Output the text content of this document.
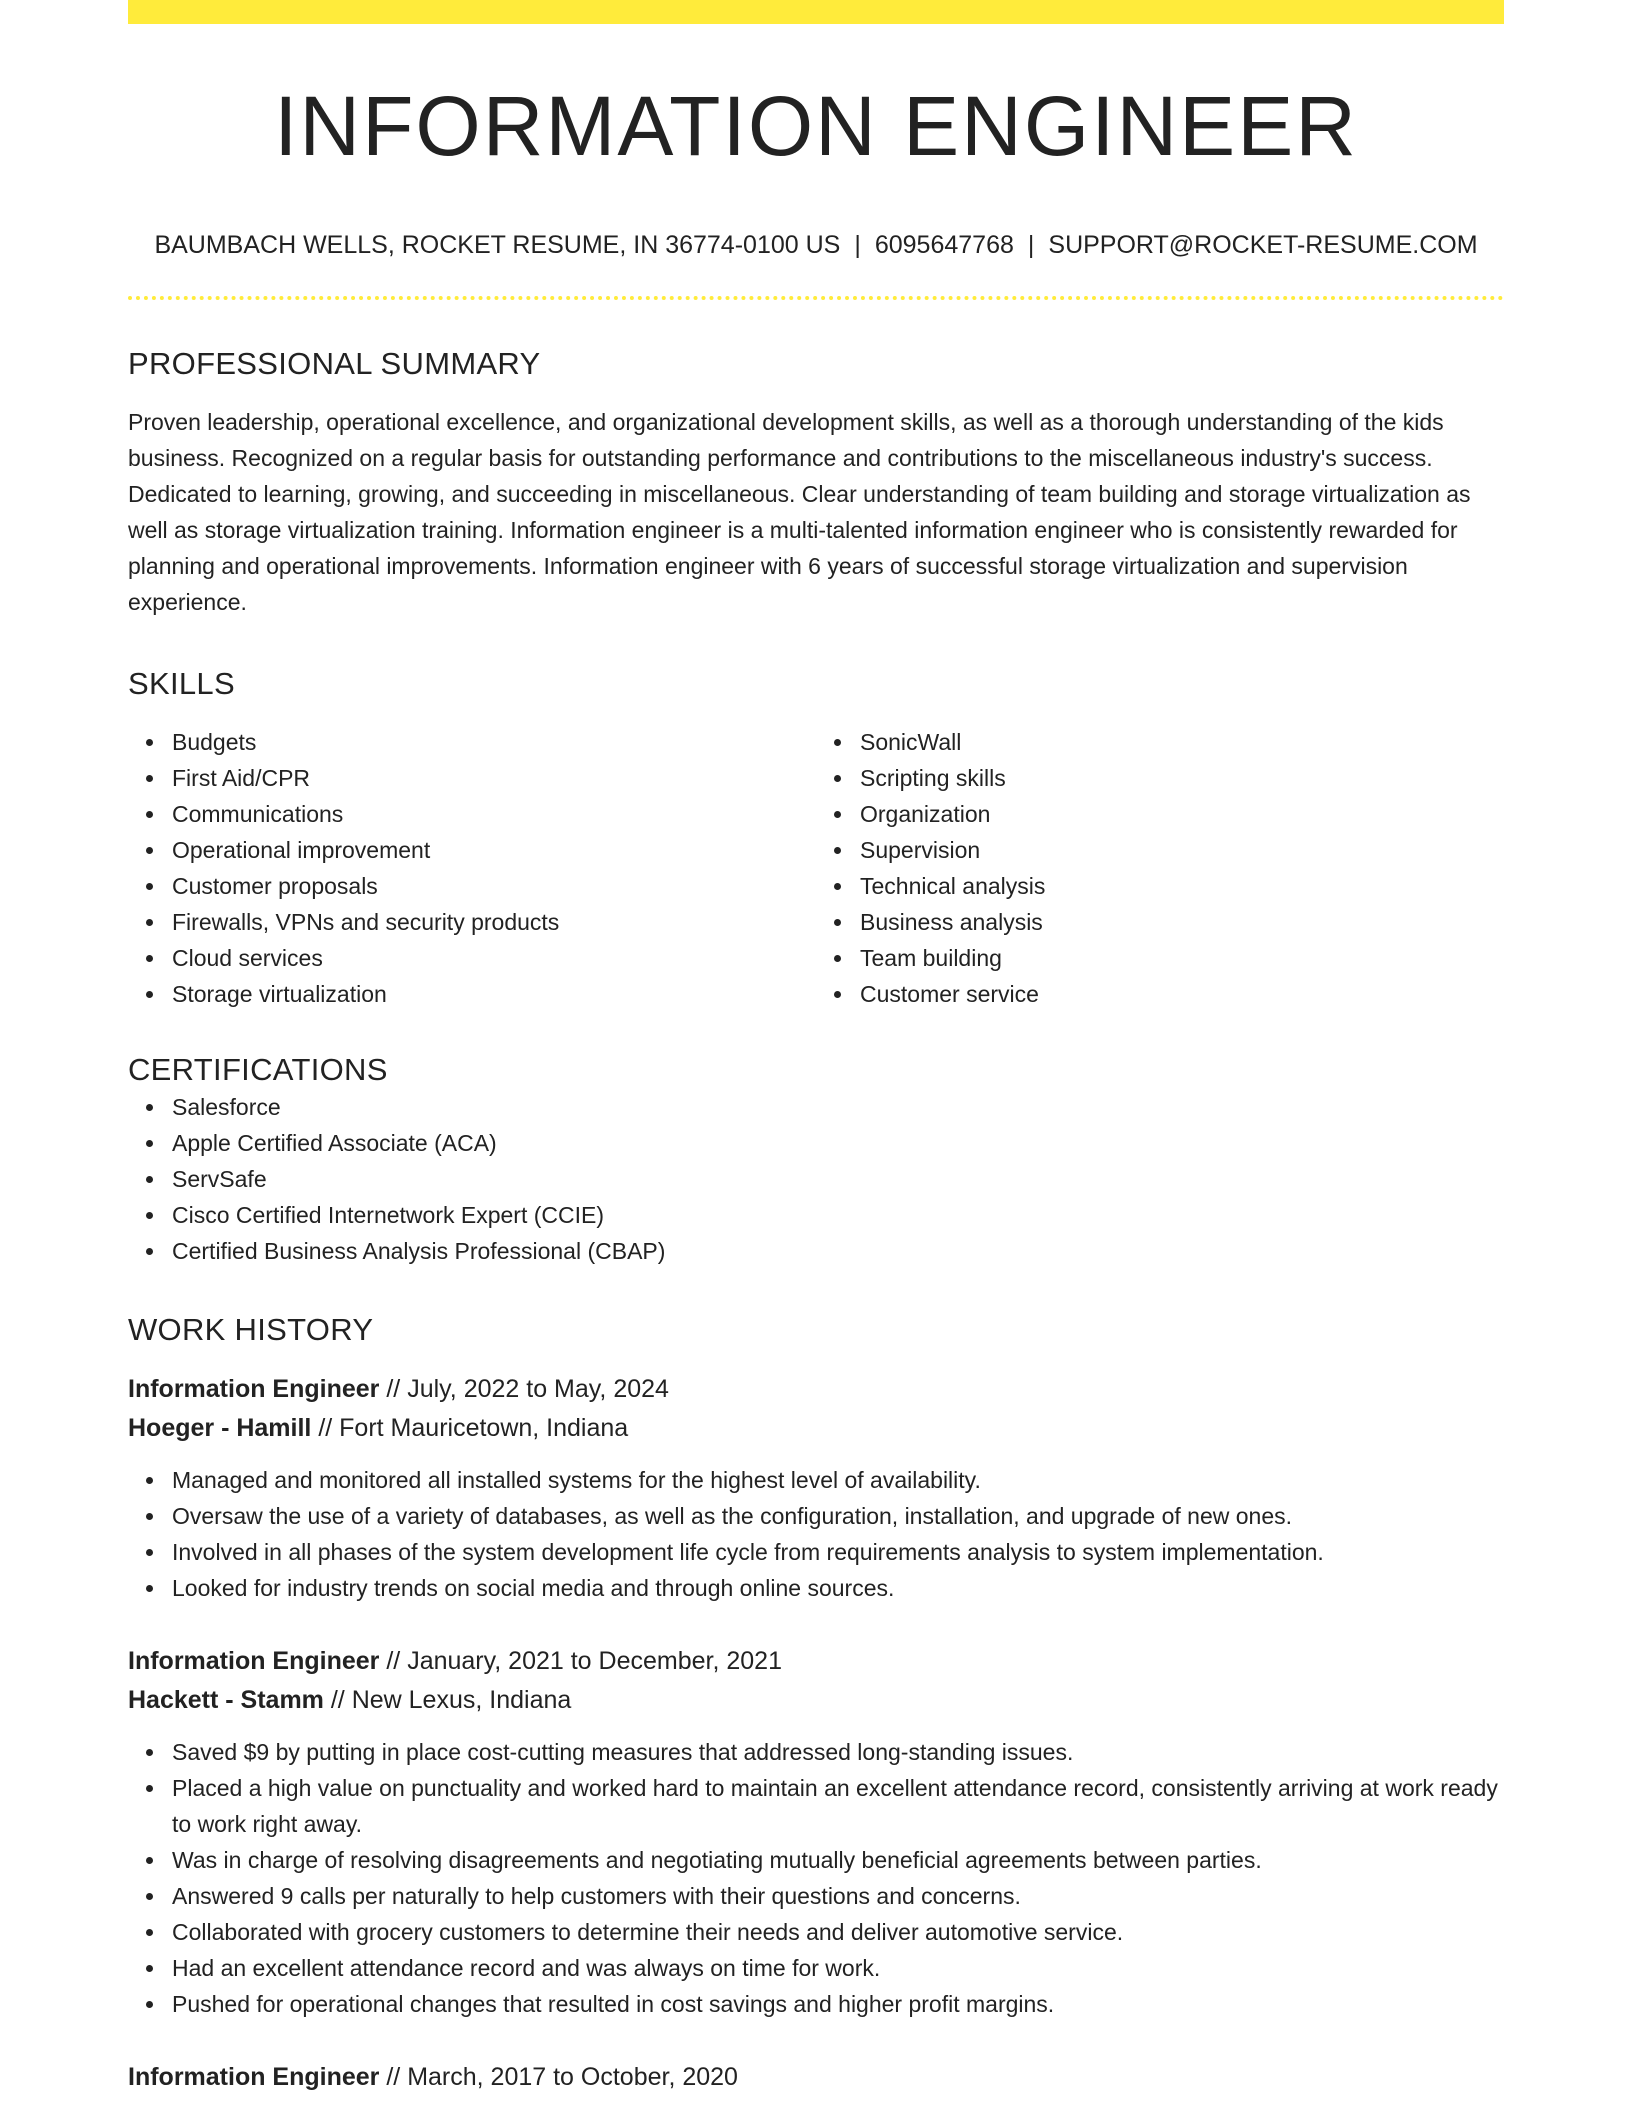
INFORMATION ENGINEER
BAUMBACH WELLS, ROCKET RESUME, IN 36774-0100 US | 6095647768 | SUPPORT@ROCKET-RESUME.COM
PROFESSIONAL SUMMARY

Proven leadership, operational excellence, and organizational development skills, as well as a thorough understanding of the kids business. Recognized on a regular basis for outstanding performance and contributions to the miscellaneous industry's success. Dedicated to learning, growing, and succeeding in miscellaneous. Clear understanding of team building and storage virtualization as well as storage virtualization training. Information engineer is a multi-talented information engineer who is consistently rewarded for planning and operational improvements. Information engineer with 6 years of successful storage virtualization and supervision experience.

SKILLS
Budgets
First Aid/CPR
Communications
Operational improvement
Customer proposals
Firewalls, VPNs and security products
Cloud services
Storage virtualization
SonicWall
Scripting skills
Organization
Supervision
Technical analysis
Business analysis
Team building
Customer service
CERTIFICATIONS
Salesforce
Apple Certified Associate (ACA)
ServSafe
Cisco Certified Internetwork Expert (CCIE)
Certified Business Analysis Professional (CBAP)
WORK HISTORY
Information Engineer // July, 2022 to May, 2024
Hoeger - Hamill // Fort Mauricetown, Indiana
Managed and monitored all installed systems for the highest level of availability.
Oversaw the use of a variety of databases, as well as the configuration, installation, and upgrade of new ones.
Involved in all phases of the system development life cycle from requirements analysis to system implementation.
Looked for industry trends on social media and through online sources.
Information Engineer // January, 2021 to December, 2021
Hackett - Stamm // New Lexus, Indiana
Saved $9 by putting in place cost-cutting measures that addressed long-standing issues.
Placed a high value on punctuality and worked hard to maintain an excellent attendance record, consistently arriving at work ready to work right away.
Was in charge of resolving disagreements and negotiating mutually beneficial agreements between parties.
Answered 9 calls per naturally to help customers with their questions and concerns.
Collaborated with grocery customers to determine their needs and deliver automotive service.
Had an excellent attendance record and was always on time for work.
Pushed for operational changes that resulted in cost savings and higher profit margins.
Information Engineer // March, 2017 to October, 2020
